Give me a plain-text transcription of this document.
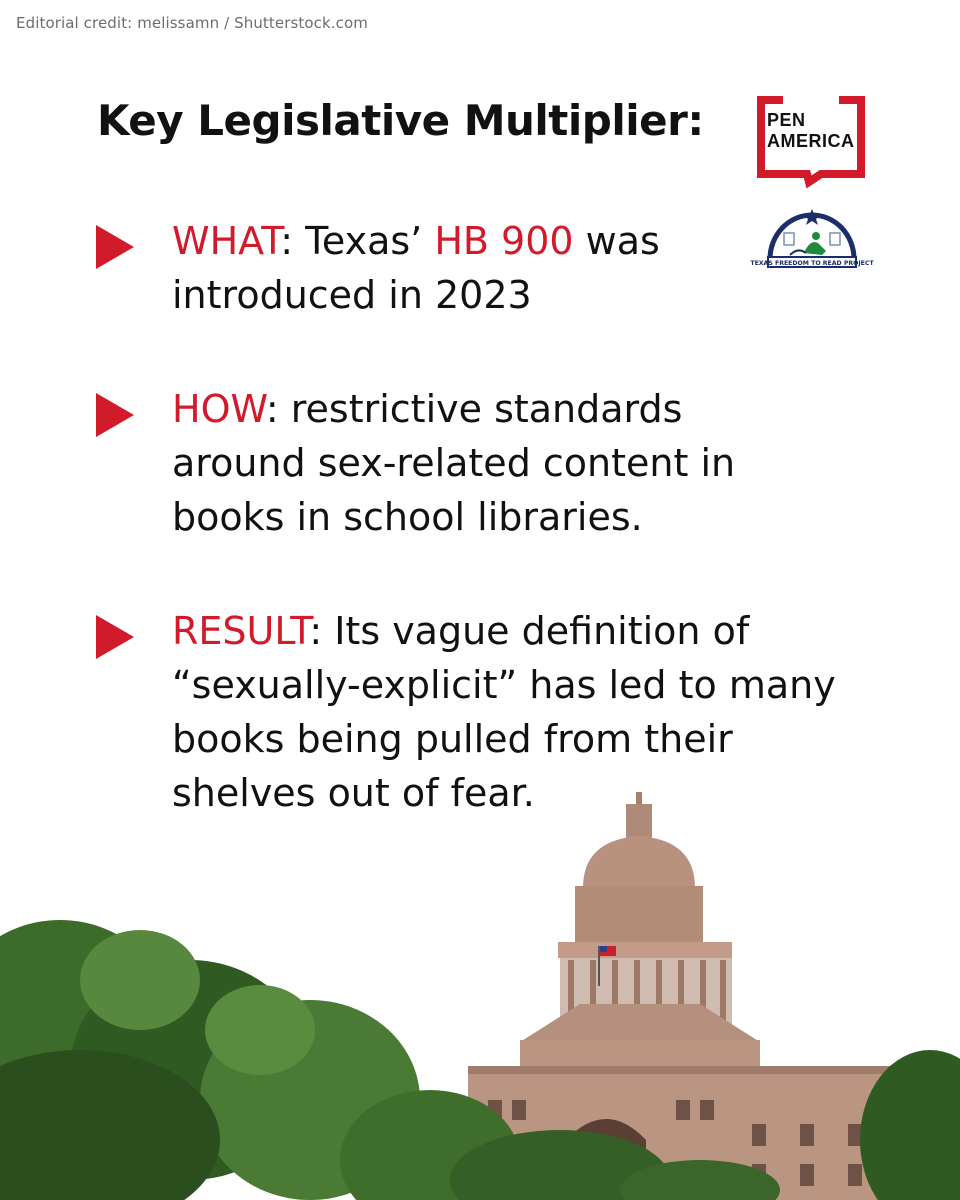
Editorial credit: melissamn / Shutterstock.com
Key Legislative Multiplier:	PEN
AMERICA
TEXAS FREEDOM TO READ PROJECT
WHAT: Texas’ HB 900 was
introduced in 2023
HOW: restrictive standards
around sex-related content in
books in school libraries.
RESULT: Its vague definition of
“sexually-explicit” has led to many
books being pulled from their
shelves out of fear.
